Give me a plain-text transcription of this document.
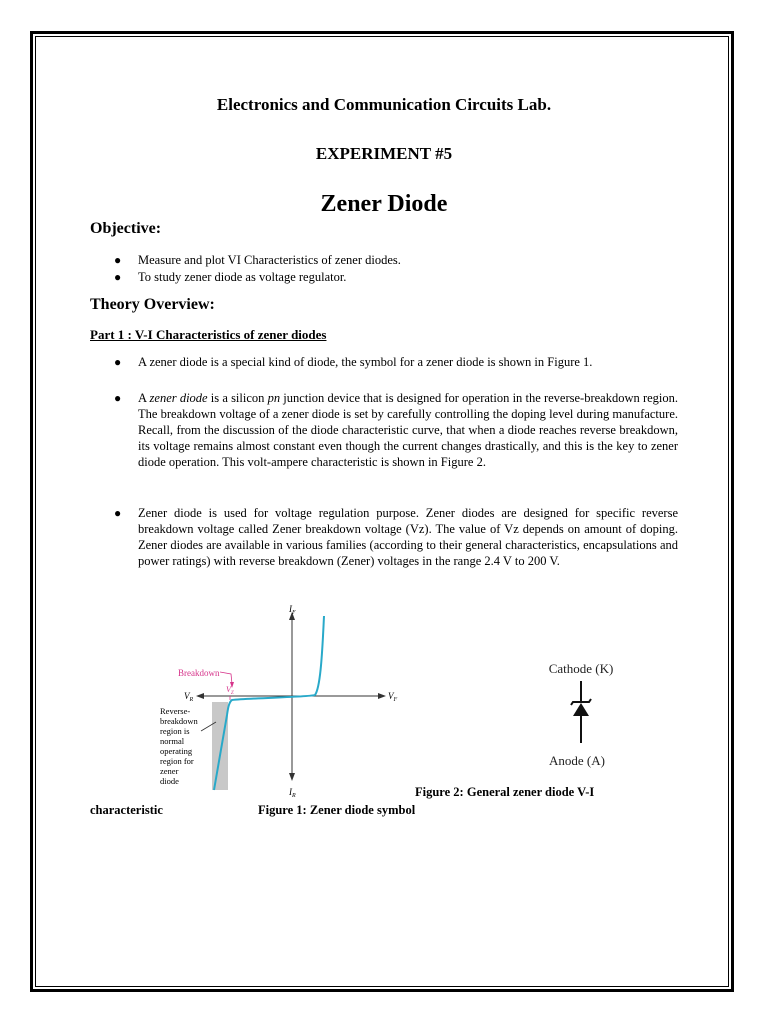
Electronics and Communication Circuits Lab.
EXPERIMENT #5
Zener Diode
Objective:
● Measure and plot VI Characteristics of zener diodes.
● To study zener diode as voltage regulator.
Theory Overview:
Part 1 : V-I Characteristics of zener diodes
● A zener diode is a special kind of diode, the symbol for a zener diode is shown in Figure 1.
● A zener diode is a silicon pn junction device that is designed for operation in the reverse-breakdown region. The breakdown voltage of a zener diode is set by carefully controlling the doping level during manufacture. Recall, from the discussion of the diode characteristic curve, that when a diode reaches reverse breakdown, its voltage remains almost constant even though the current changes drastically, and this is the key to zener diode operation. This volt-ampere characteristic is shown in Figure 2.
● Zener diode is used for voltage regulation purpose. Zener diodes are designed for specific reverse breakdown voltage called Zener breakdown voltage (Vz). The value of Vz depends on amount of doping. Zener diodes are available in various families (according to their general characteristics, encapsulations and power ratings) with reverse breakdown (Zener) voltages in the range 2.4 V to 200 V.
$I_F$
$I_R$
$V_R$	$V_F$
Breakdown
$V_Z$
Reverse-
breakdown
region is
normal
operating
region for
zener
diode
Cathode (K)
Anode (A)
Figure 2: General zener diode V-I
characteristic	Figure 1: Zener diode symbol
